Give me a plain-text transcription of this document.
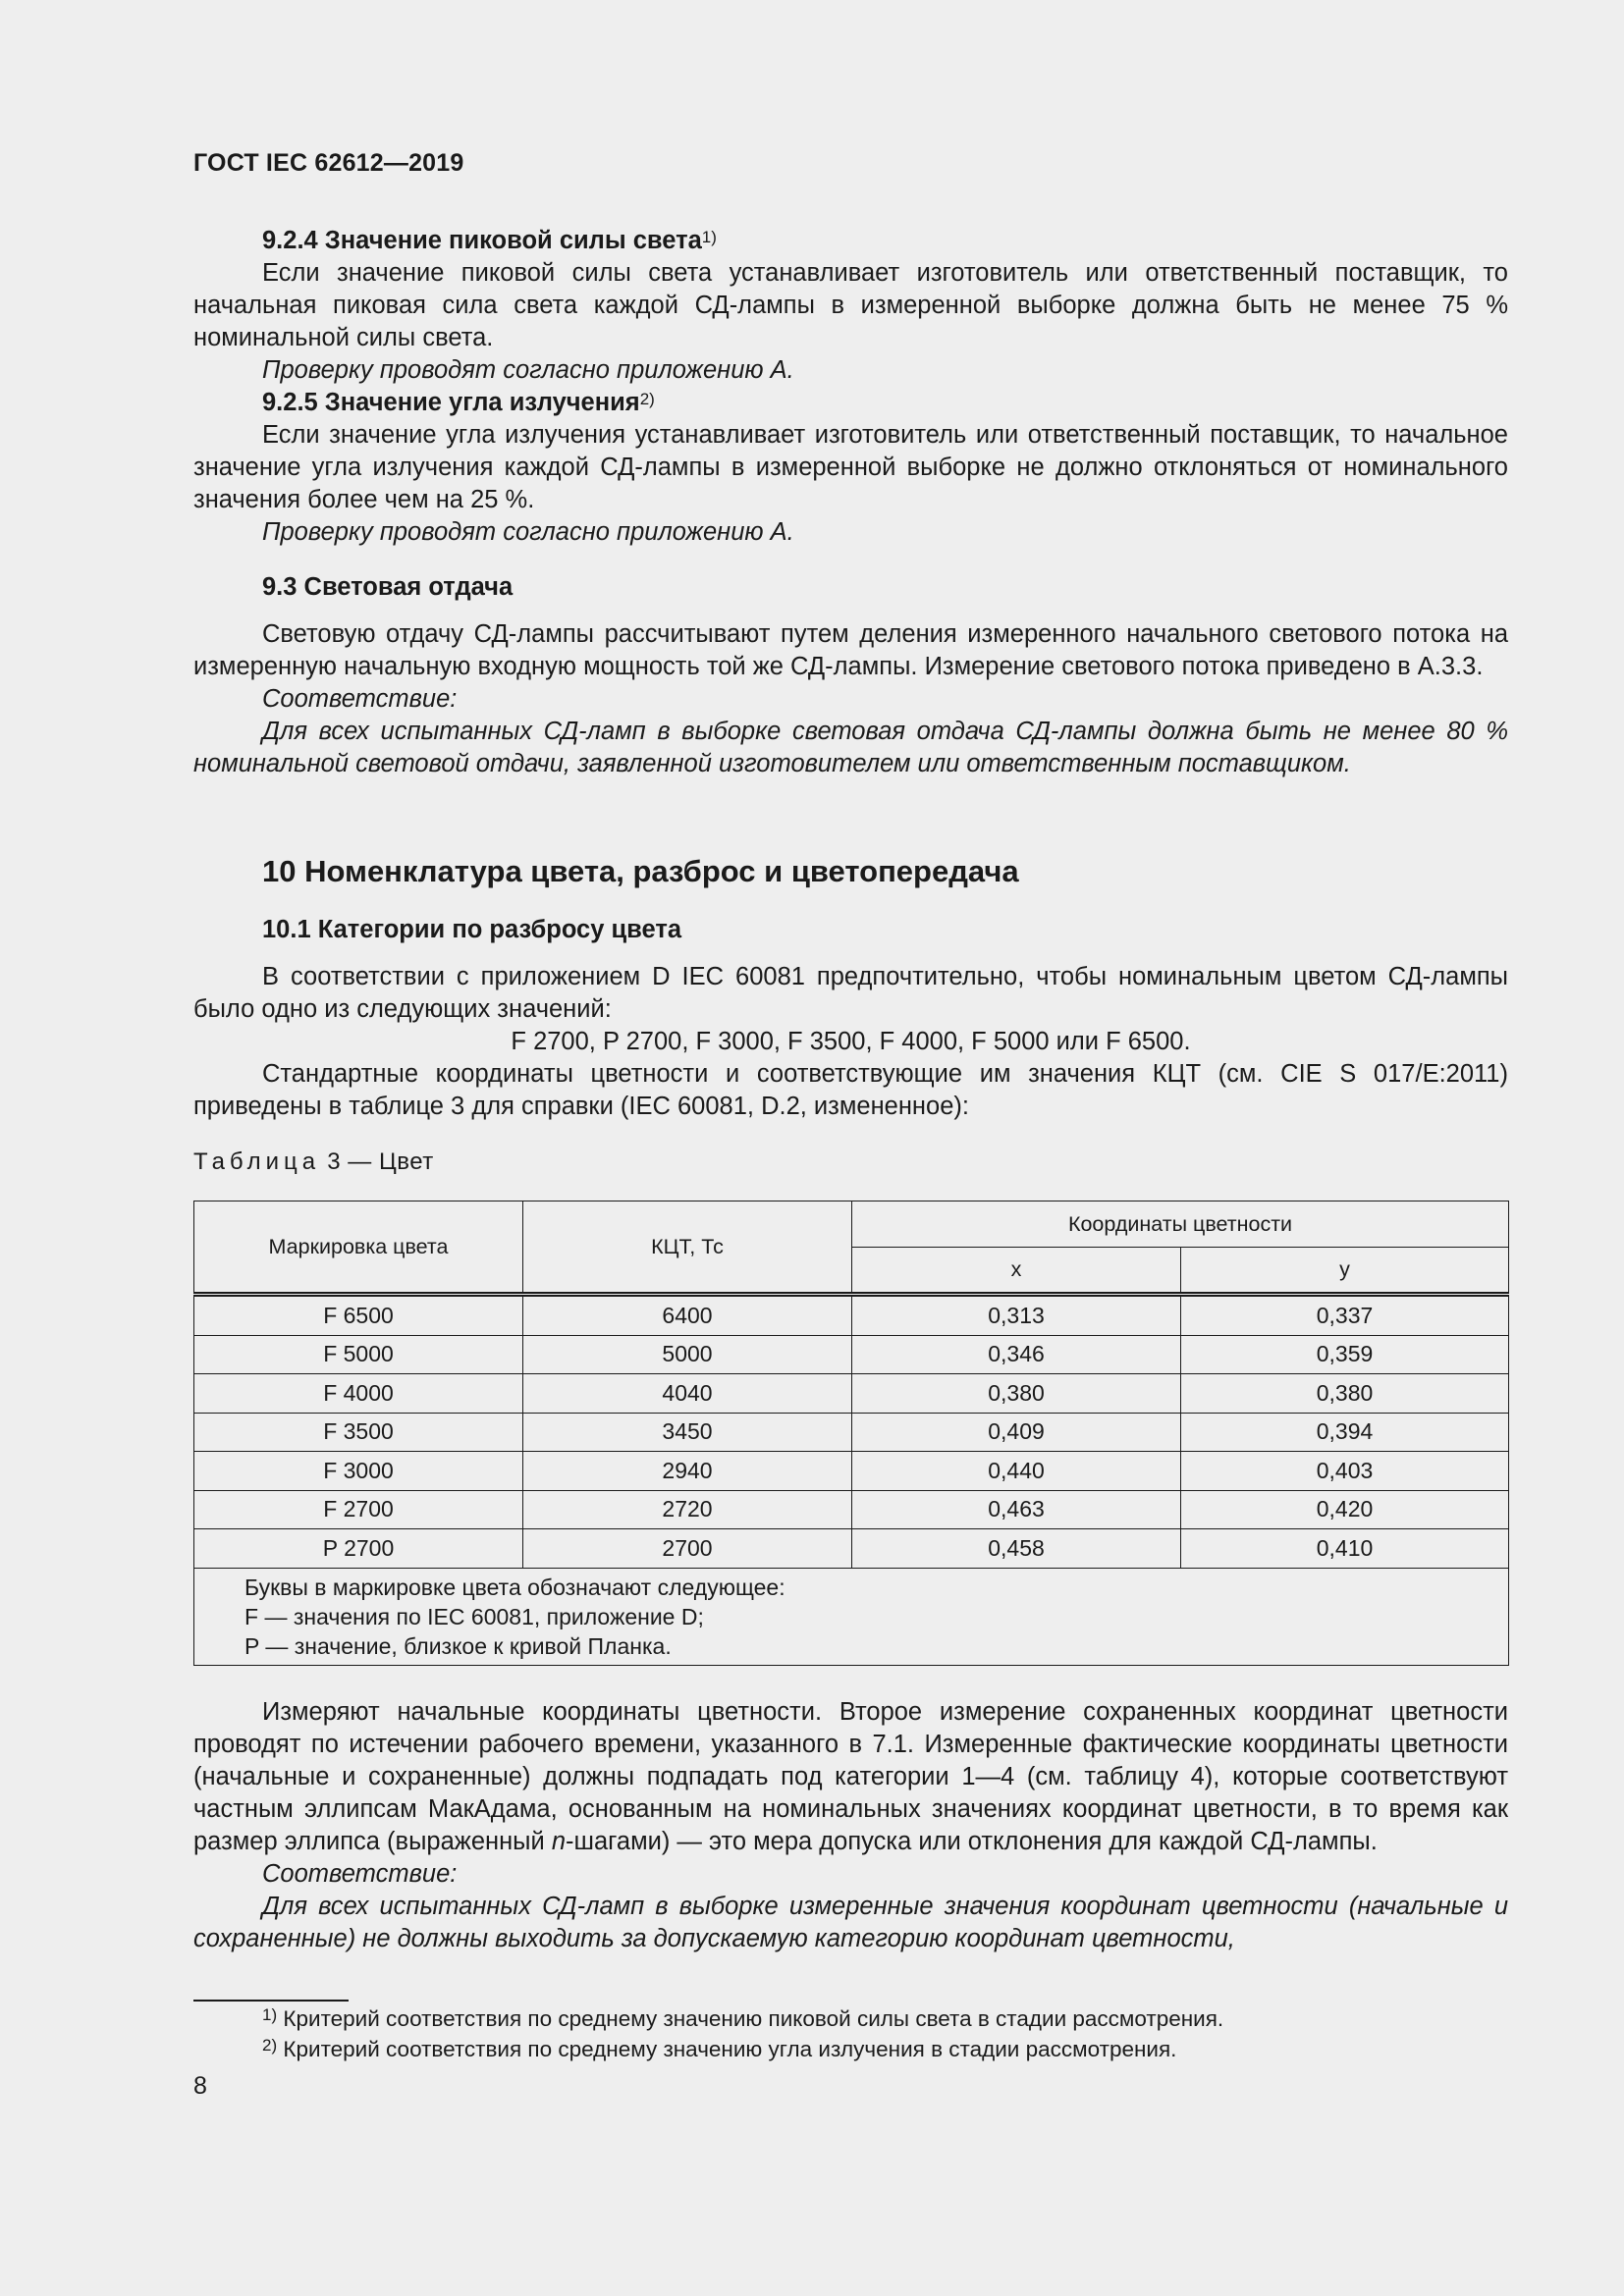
ГОСТ IEC 62612—2019
9.2.4 Значение пиковой силы света$^{1)}$

Если значение пиковой силы света устанавливает изготовитель или ответственный поставщик, то начальная пиковая сила света каждой СД-лампы в измеренной выборке должна быть не менее 75 % номинальной силы света.

Проверку проводят согласно приложению А.

9.2.5 Значение угла излучения$^{2)}$

Если значение угла излучения устанавливает изготовитель или ответственный поставщик, то начальное значение угла излучения каждой СД-лампы в измеренной выборке не должно отклоняться от номинального значения более чем на 25 %.

Проверку проводят согласно приложению А.

9.3 Световая отдача

Световую отдачу СД-лампы рассчитывают путем деления измеренного начального светового потока на измеренную начальную входную мощность той же СД-лампы. Измерение светового потока приведено в А.3.3.

Соответствие:

Для всех испытанных СД-ламп в выборке световая отдача СД-лампы должна быть не менее 80 % номинальной световой отдачи, заявленной изготовителем или ответственным поставщиком.

10 Номенклатура цвета, разброс и цветопередача
10.1 Категории по разбросу цвета

В соответствии с приложением D IEC 60081 предпочтительно, чтобы номинальным цветом СД-лампы было одно из следующих значений:

F 2700, P 2700, F 3000, F 3500, F 4000, F 5000 или F 6500.

Стандартные координаты цветности и соответствующие им значения КЦТ (см. CIE S 017/E:2011) приведены в таблице 3 для справки (IEC 60081, D.2, измененное):

Таблица 3 — Цвет
Маркировка цвета	КЦТ, Тс	Координаты цветности	
		x	y
F 6500	6400	0,313	0,337
F 5000	5000	0,346	0,359
F 4000	4040	0,380	0,380
F 3500	3450	0,409	0,394
F 3000	2940	0,440	0,403
F 2700	2720	0,463	0,420
P 2700	2700	0,458	0,410

Буквы в маркировке цвета обозначают следующее:
F — значения по IEC 60081, приложение D;
P — значение, близкое к кривой Планка.			

Измеряют начальные координаты цветности. Второе измерение сохраненных координат цветности проводят по истечении рабочего времени, указанного в 7.1. Измеренные фактические координаты цветности (начальные и сохраненные) должны подпадать под категории 1—4 (см. таблицу 4), которые соответствуют частным эллипсам МакАдама, основанным на номинальных значениях координат цветности, в то время как размер эллипса (выраженный n-шагами) — это мера допуска или отклонения для каждой СД-лампы.

Соответствие:

Для всех испытанных СД-ламп в выборке измеренные значения координат цветности (начальные и сохраненные) не должны выходить за допускаемую категорию координат цветности,

$^{1)}$ Критерий соответствия по среднему значению пиковой силы света в стадии рассмотрения.
$^{2)}$ Критерий соответствия по среднему значению угла излучения в стадии рассмотрения.
8
